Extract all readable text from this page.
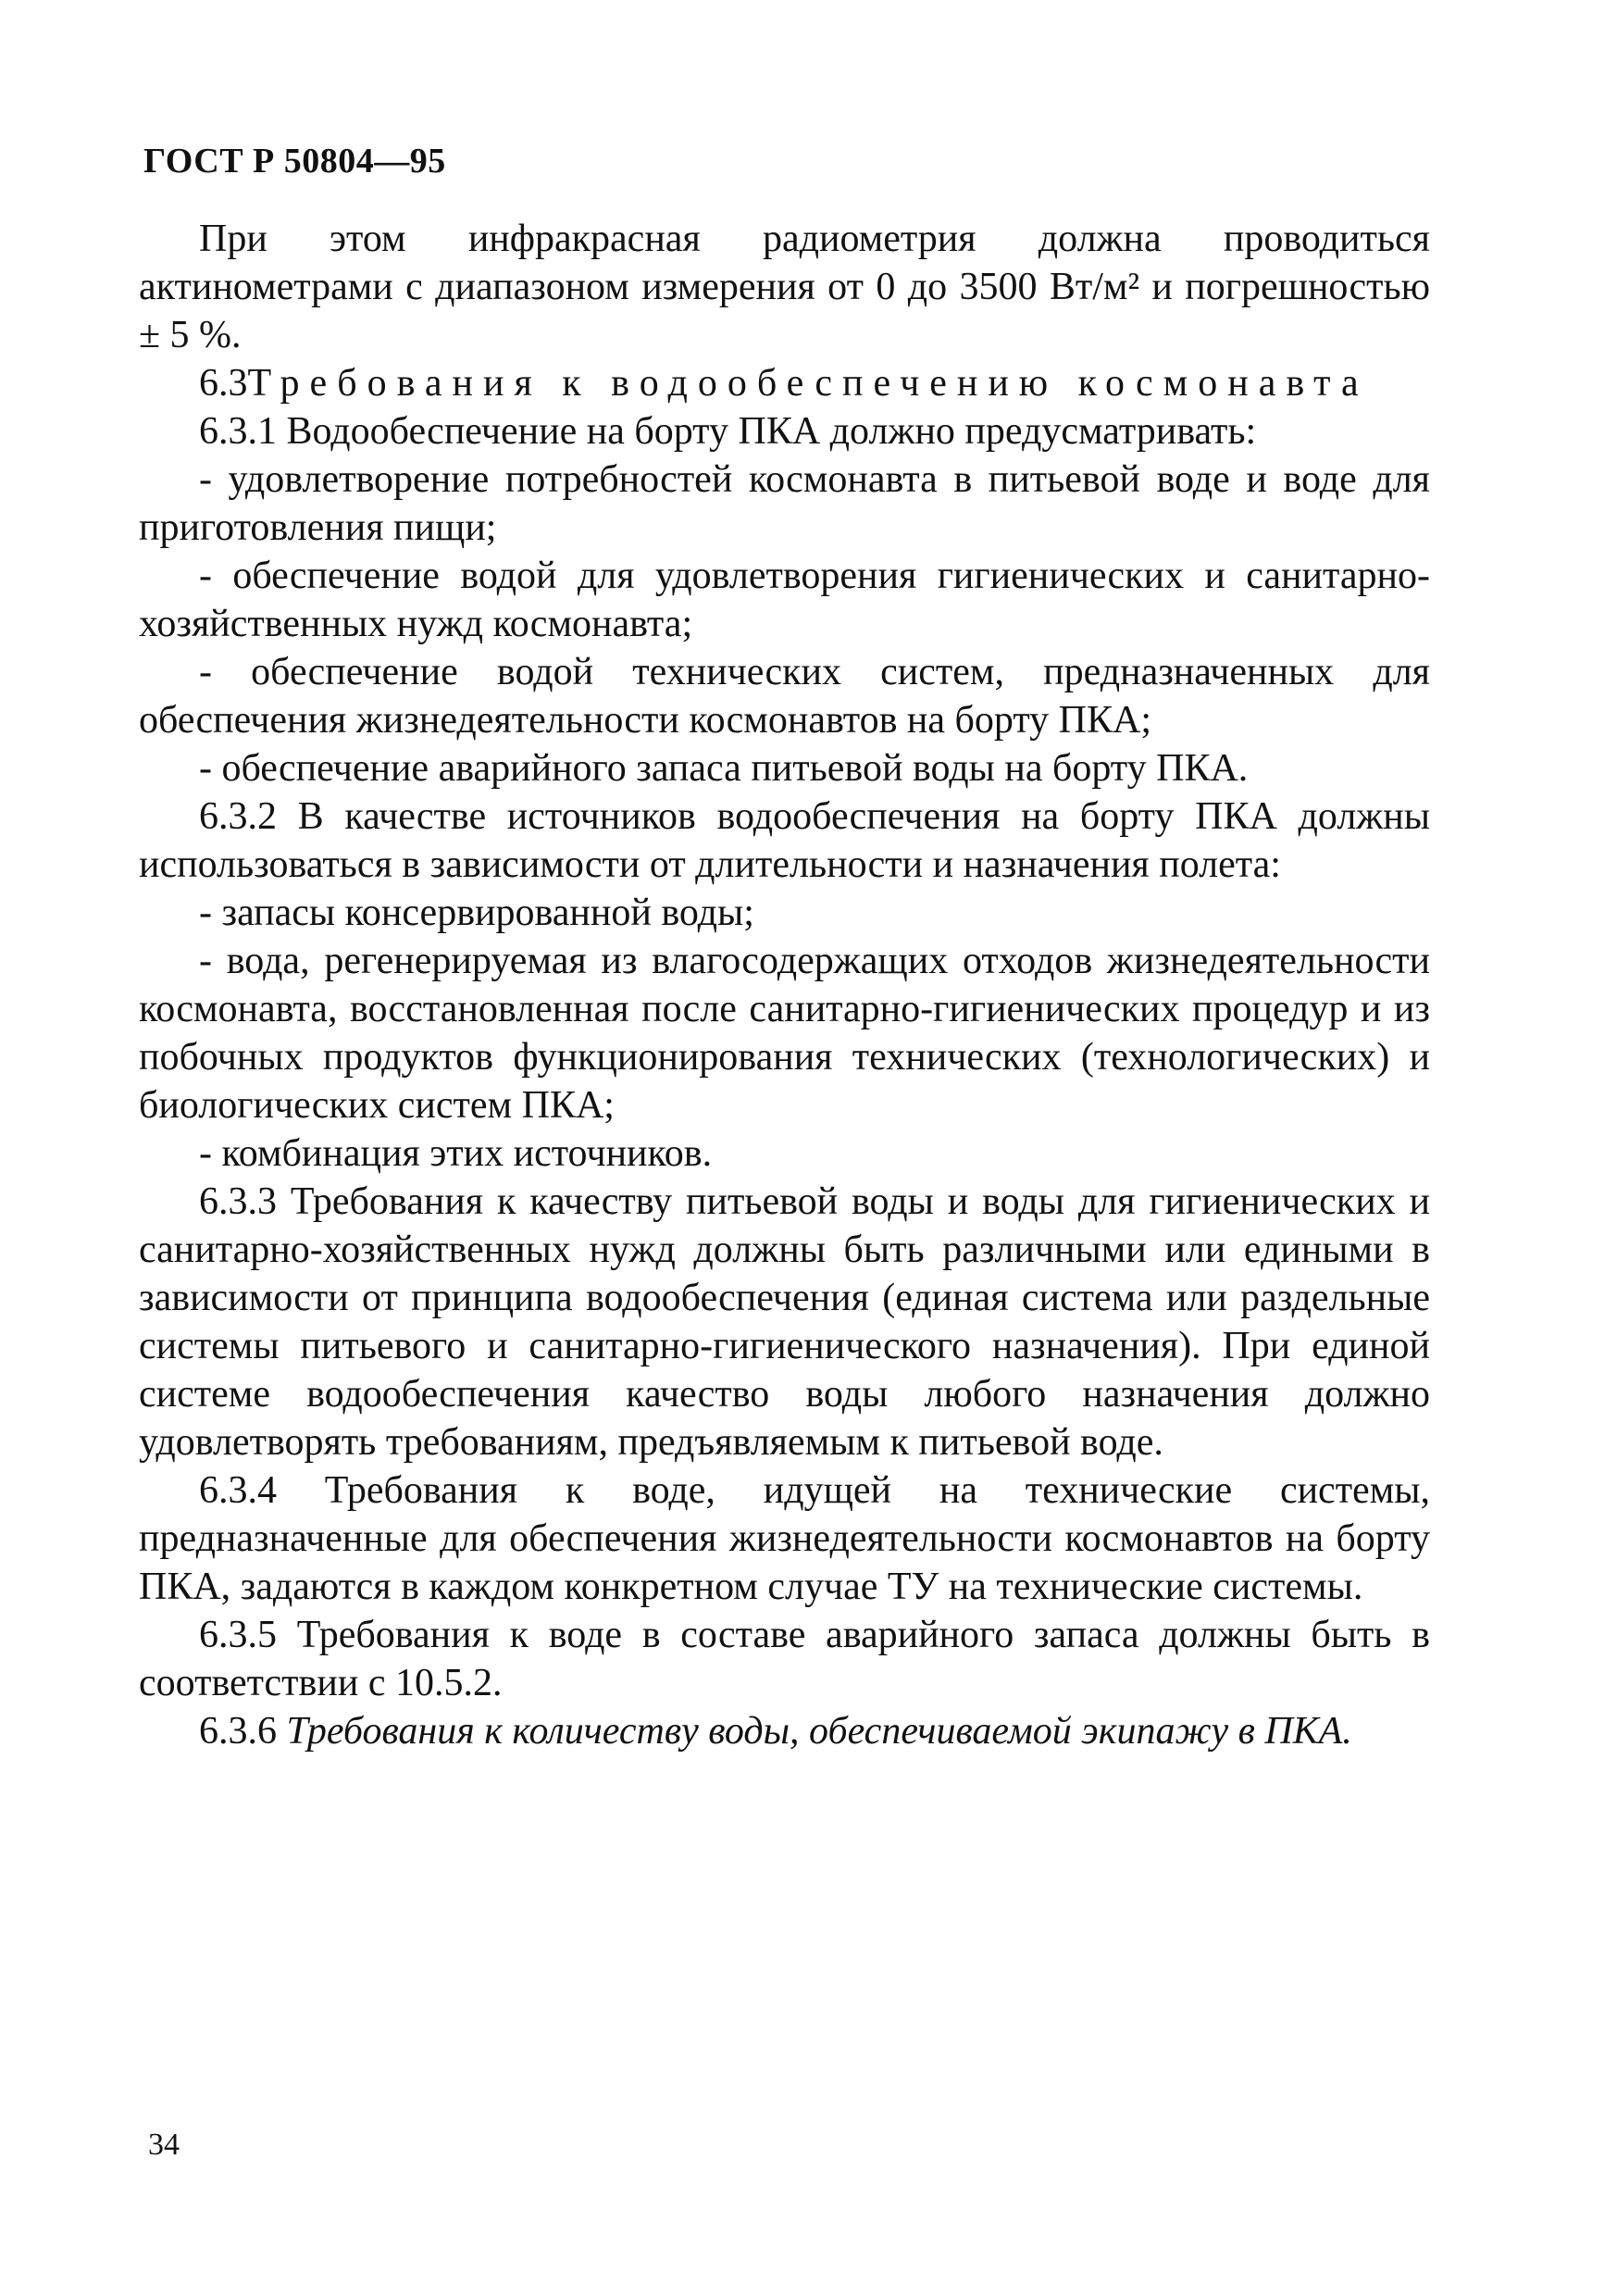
ГОСТ Р 50804—95

При этом инфракрасная радиометрия должна проводиться актинометрами с диапазоном измерения от 0 до 3500 Вт/м² и погрешностью ± 5 %.

6.3Требования к водообеспечению космонавта

6.3.1 Водообеспечение на борту ПКА должно предусматривать:

- удовлетворение потребностей космонавта в питьевой воде и воде для приготовления пищи;

- обеспечение водой для удовлетворения гигиенических и санитарно-хозяйственных нужд космонавта;

- обеспечение водой технических систем, предназначенных для обеспечения жизнедеятельности космонавтов на борту ПКА;

- обеспечение аварийного запаса питьевой воды на борту ПКА.

6.3.2 В качестве источников водообеспечения на борту ПКА должны использоваться в зависимости от длительности и назначения полета:

- запасы консервированной воды;

- вода, регенерируемая из влагосодержащих отходов жизнедеятельности космонавта, восстановленная после санитарно-гигиенических процедур и из побочных продуктов функционирования технических (технологических) и биологических систем ПКА;

- комбинация этих источников.

6.3.3 Требования к качеству питьевой воды и воды для гигиенических и санитарно-хозяйственных нужд должны быть различными или едиными в зависимости от принципа водообеспечения (единая система или раздельные системы питьевого и санитарно-гигиенического назначения). При единой системе водообеспечения качество воды любого назначения должно удовлетворять требованиям, предъявляемым к питьевой воде.

6.3.4 Требования к воде, идущей на технические системы, предназначенные для обеспечения жизнедеятельности космонавтов на борту ПКА, задаются в каждом конкретном случае ТУ на технические системы.

6.3.5 Требования к воде в составе аварийного запаса должны быть в соответствии с 10.5.2.

6.3.6 Требования к количеству воды, обеспечиваемой экипажу в ПКА.

34
